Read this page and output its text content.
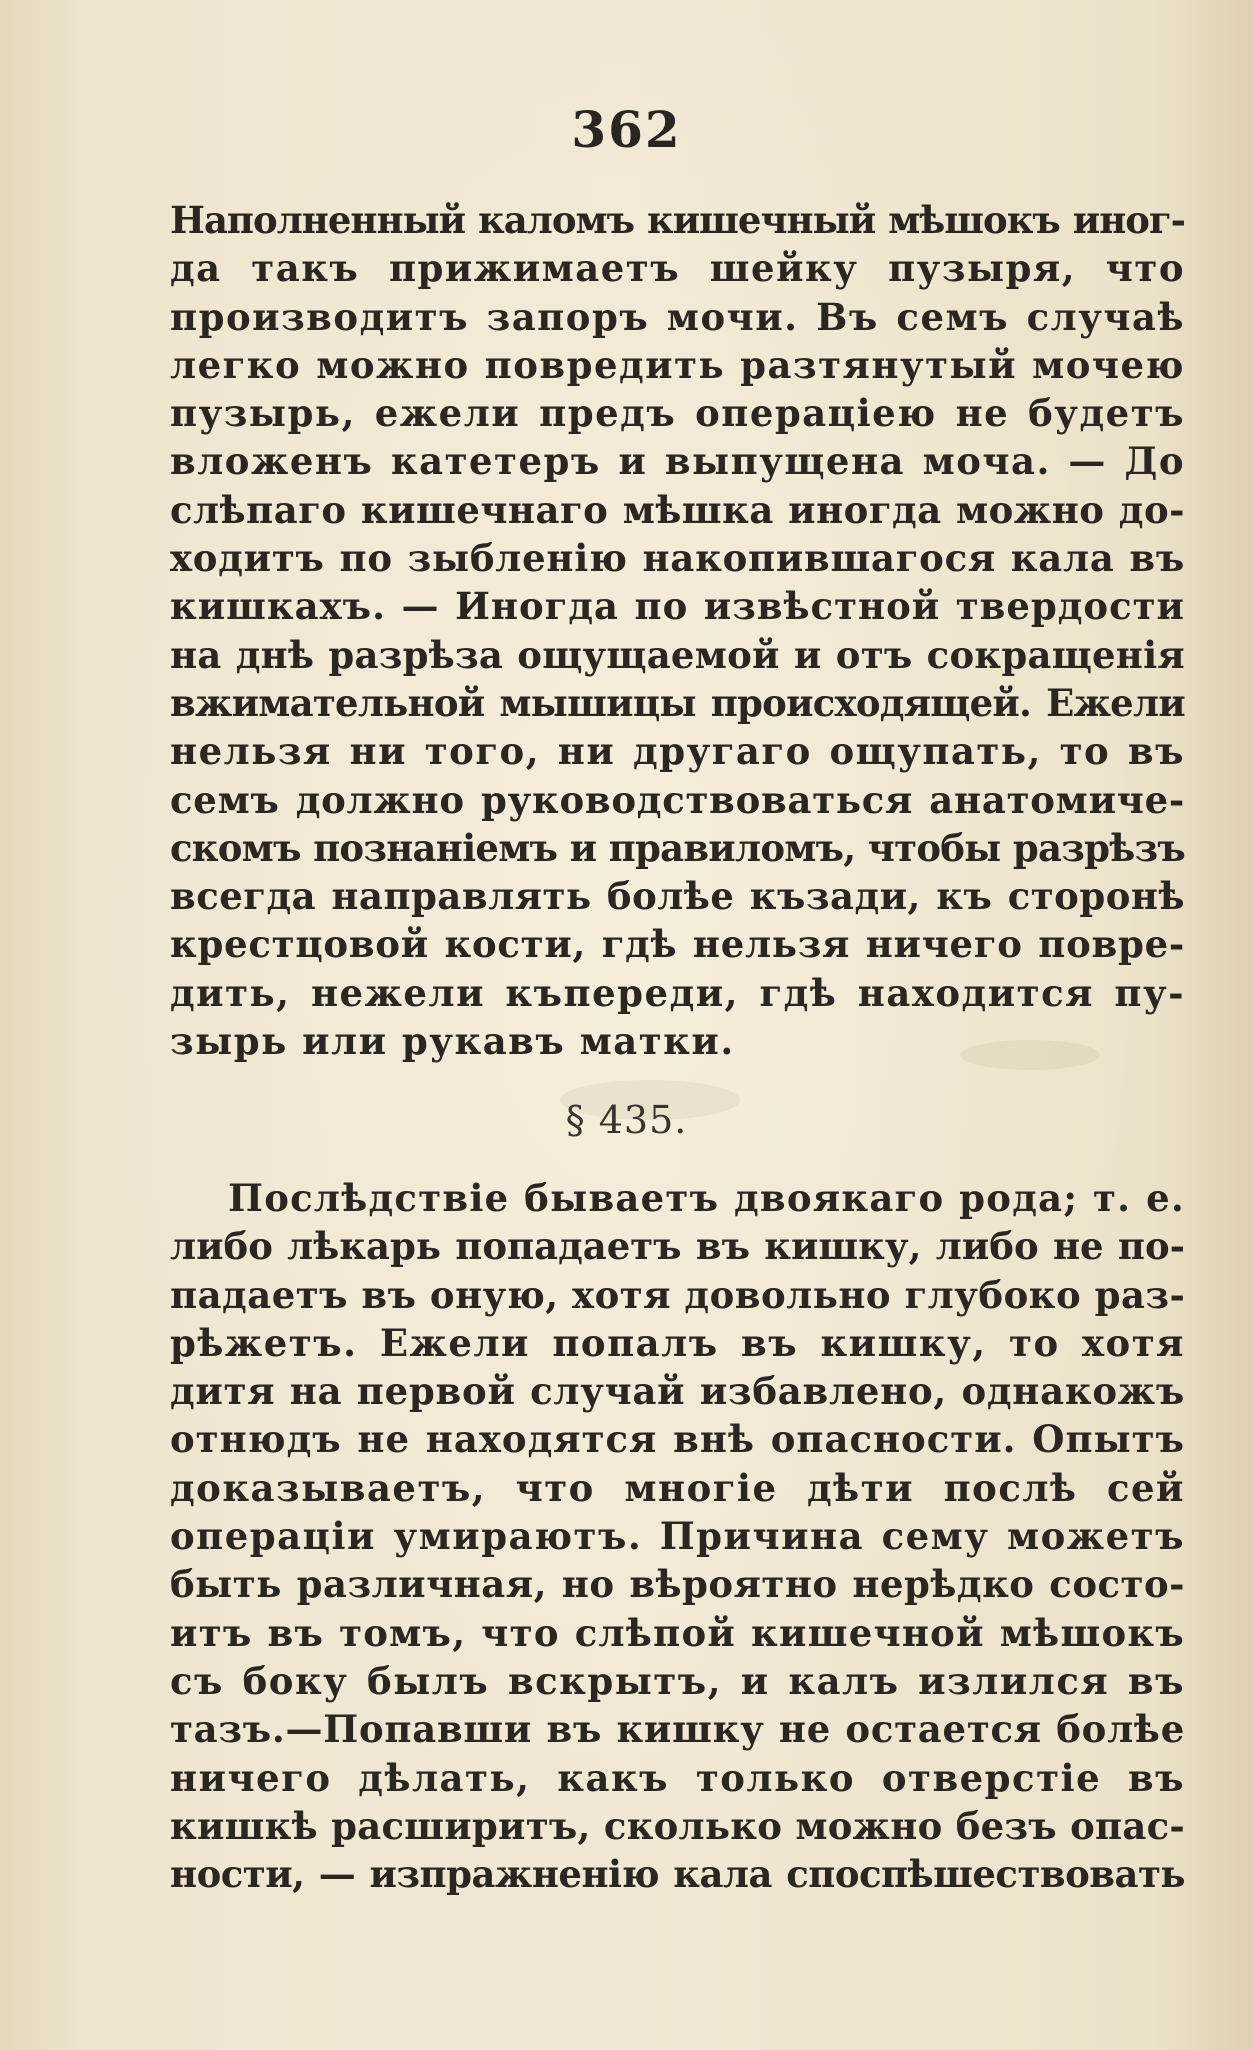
362
Наполненный каломъ кишечный мѣшокъ иног-
да такъ прижимаетъ шейку пузыря, что
производитъ запоръ мочи. Въ семъ случаѣ
легко можно повредить разтянутый мочею
пузырь, ежели предъ операціею не будетъ
вложенъ катетеръ и выпущена моча. — До
слѣпаго кишечнаго мѣшка иногда можно до-
ходитъ по зыбленію накопившагося кала въ
кишкахъ. — Иногда по извѣстной твердости
на днѣ разрѣза ощущаемой и отъ сокращенія
вжимательной мышицы происходящей. Ежели
нельзя ни того, ни другаго ощупать, то въ
семъ должно руководствоваться анатомиче-
скомъ познаніемъ и правиломъ, чтобы разрѣзъ
всегда направлять болѣе къзади, къ сторонѣ
крестцовой кости, гдѣ нельзя ничего повре-
дить, нежели къпереди, гдѣ находится пу-
зырь или рукавъ матки.
§ 435.
Послѣдствіе бываетъ двоякаго рода; т. е.
либо лѣкарь попадаетъ въ кишку, либо не по-
падаетъ въ оную, хотя довольно глубоко раз-
рѣжетъ. Ежели попалъ въ кишку, то хотя
дитя на первой случай избавлено, однакожъ
отнюдъ не находятся внѣ опасности. Опытъ
доказываетъ, что многіе дѣти послѣ сей
операціи умираютъ. Причина сему можетъ
быть различная, но вѣроятно нерѣдко состо-
итъ въ томъ, что слѣпой кишечной мѣшокъ
съ боку былъ вскрытъ, и калъ излился въ
тазъ.—Попавши въ кишку не остается болѣе
ничего дѣлать, какъ только отверстіе въ
кишкѣ расширитъ, сколько можно безъ опас-
ности, — изпражненію кала споспѣшествовать
